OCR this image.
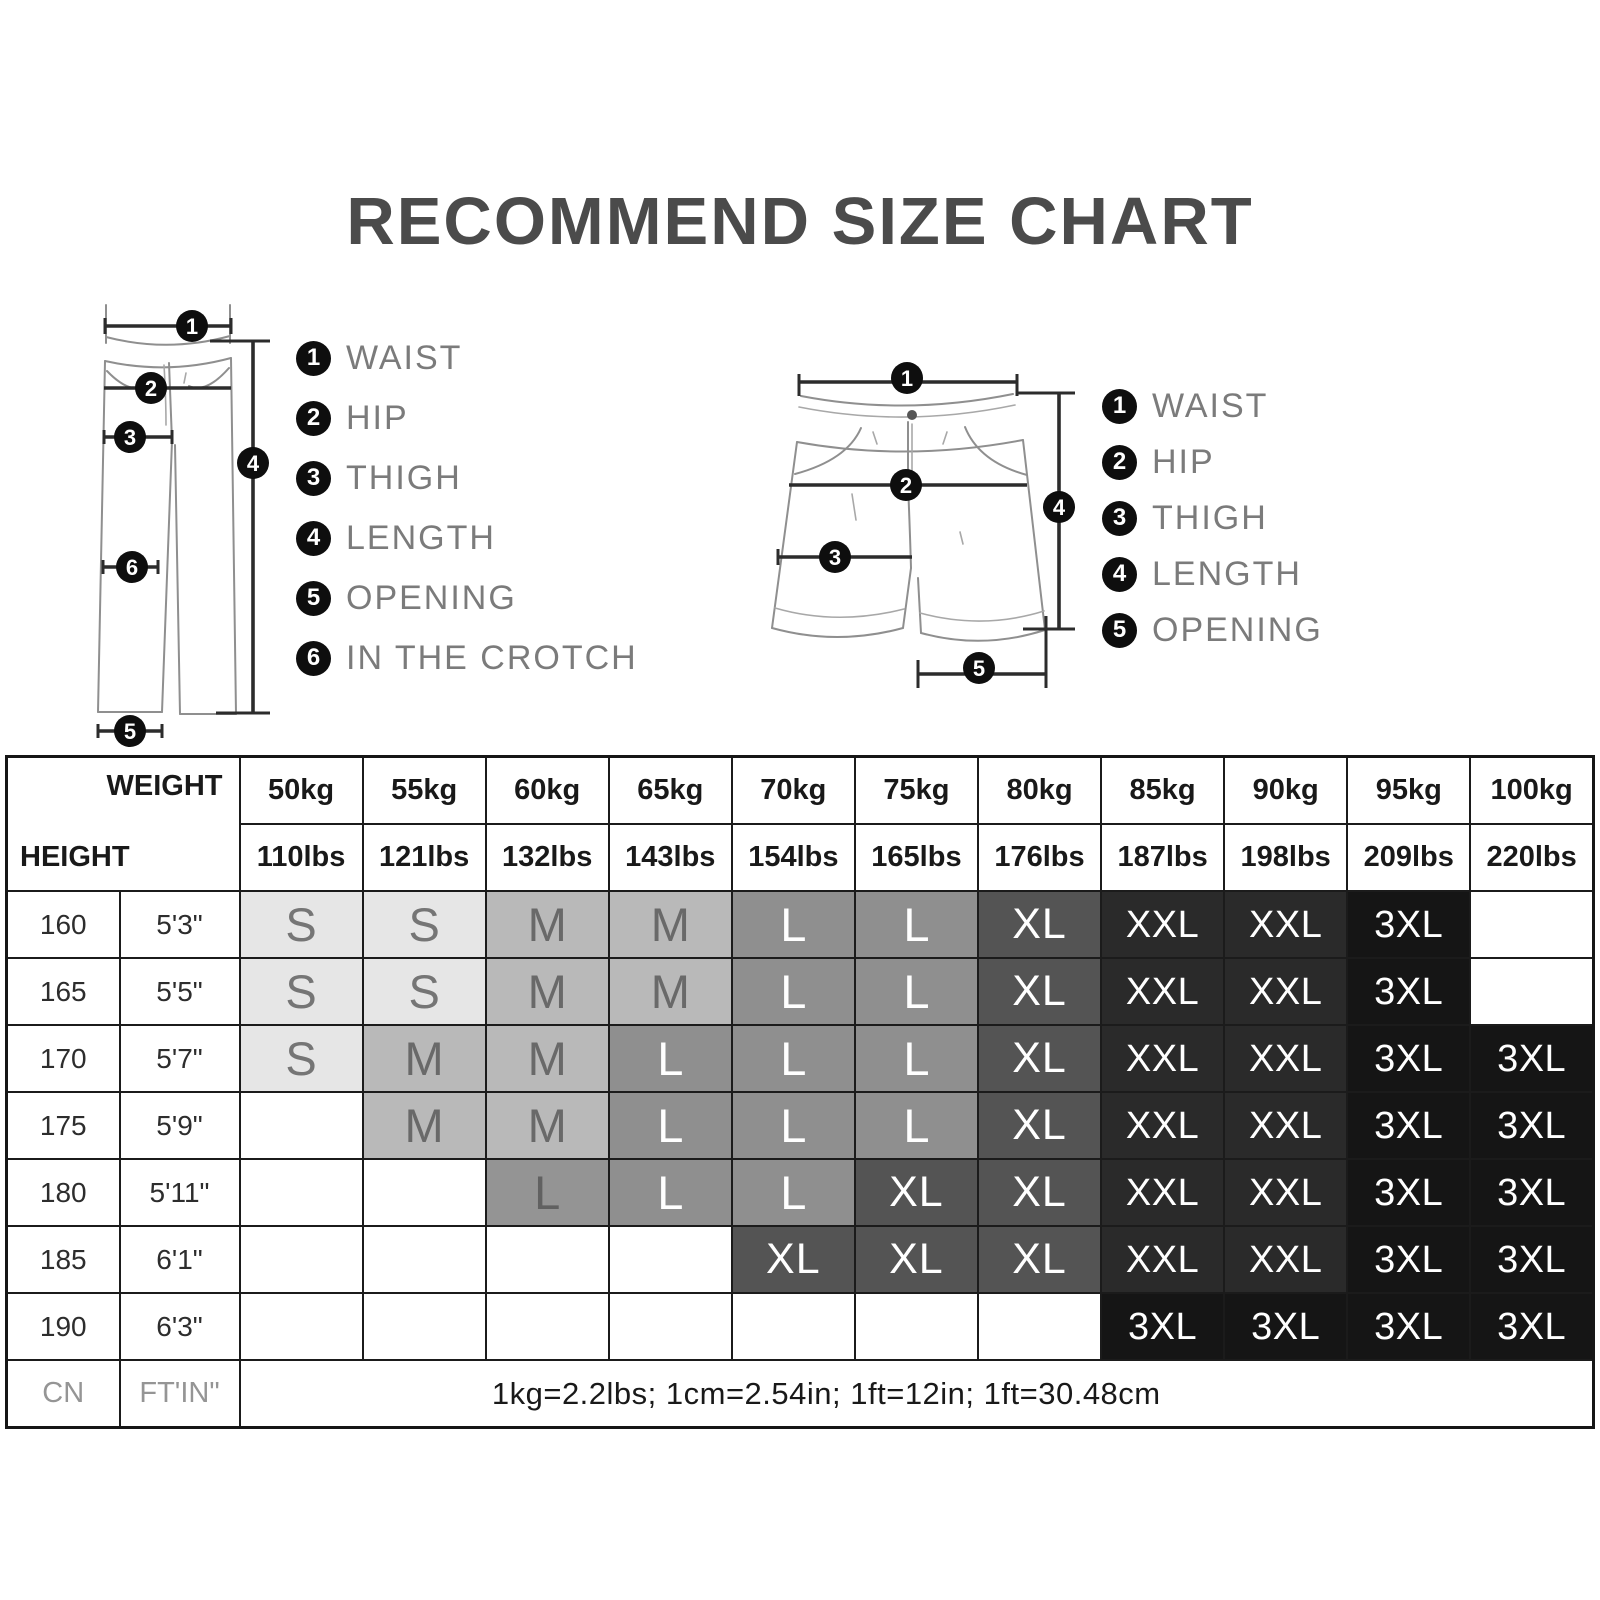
RECOMMEND SIZE CHART
1
2
3
4
5
6
1 WAIST
2 HIP
3 THIGH
4 LENGTH
5 OPENING
6 IN THE CROTCH
1
2
3
4
5
1 WAIST
2 HIP
3 THIGH
4 LENGTH
5 OPENING
WEIGHT
HEIGHT		50kg	55kg	60kg	65kg	70kg	75kg	80kg	85kg	90kg	95kg	100kg
		110lbs	121lbs	132lbs	143lbs	154lbs	165lbs	176lbs	187lbs	198lbs	209lbs	220lbs
160	5'3"	S	S	M	M	L	L	XL	XXL	XXL	3XL	
165	5'5"	S	S	M	M	L	L	XL	XXL	XXL	3XL	
170	5'7"	S	M	M	L	L	L	XL	XXL	XXL	3XL	3XL
175	5'9"		M	M	L	L	L	XL	XXL	XXL	3XL	3XL
180	5'11"			L	L	L	XL	XL	XXL	XXL	3XL	3XL
185	6'1"					XL	XL	XL	XXL	XXL	3XL	3XL
190	6'3"								3XL	3XL	3XL	3XL
CN	FT'IN"	1kg=2.2lbs; 1cm=2.54in; 1ft=12in; 1ft=30.48cm										
